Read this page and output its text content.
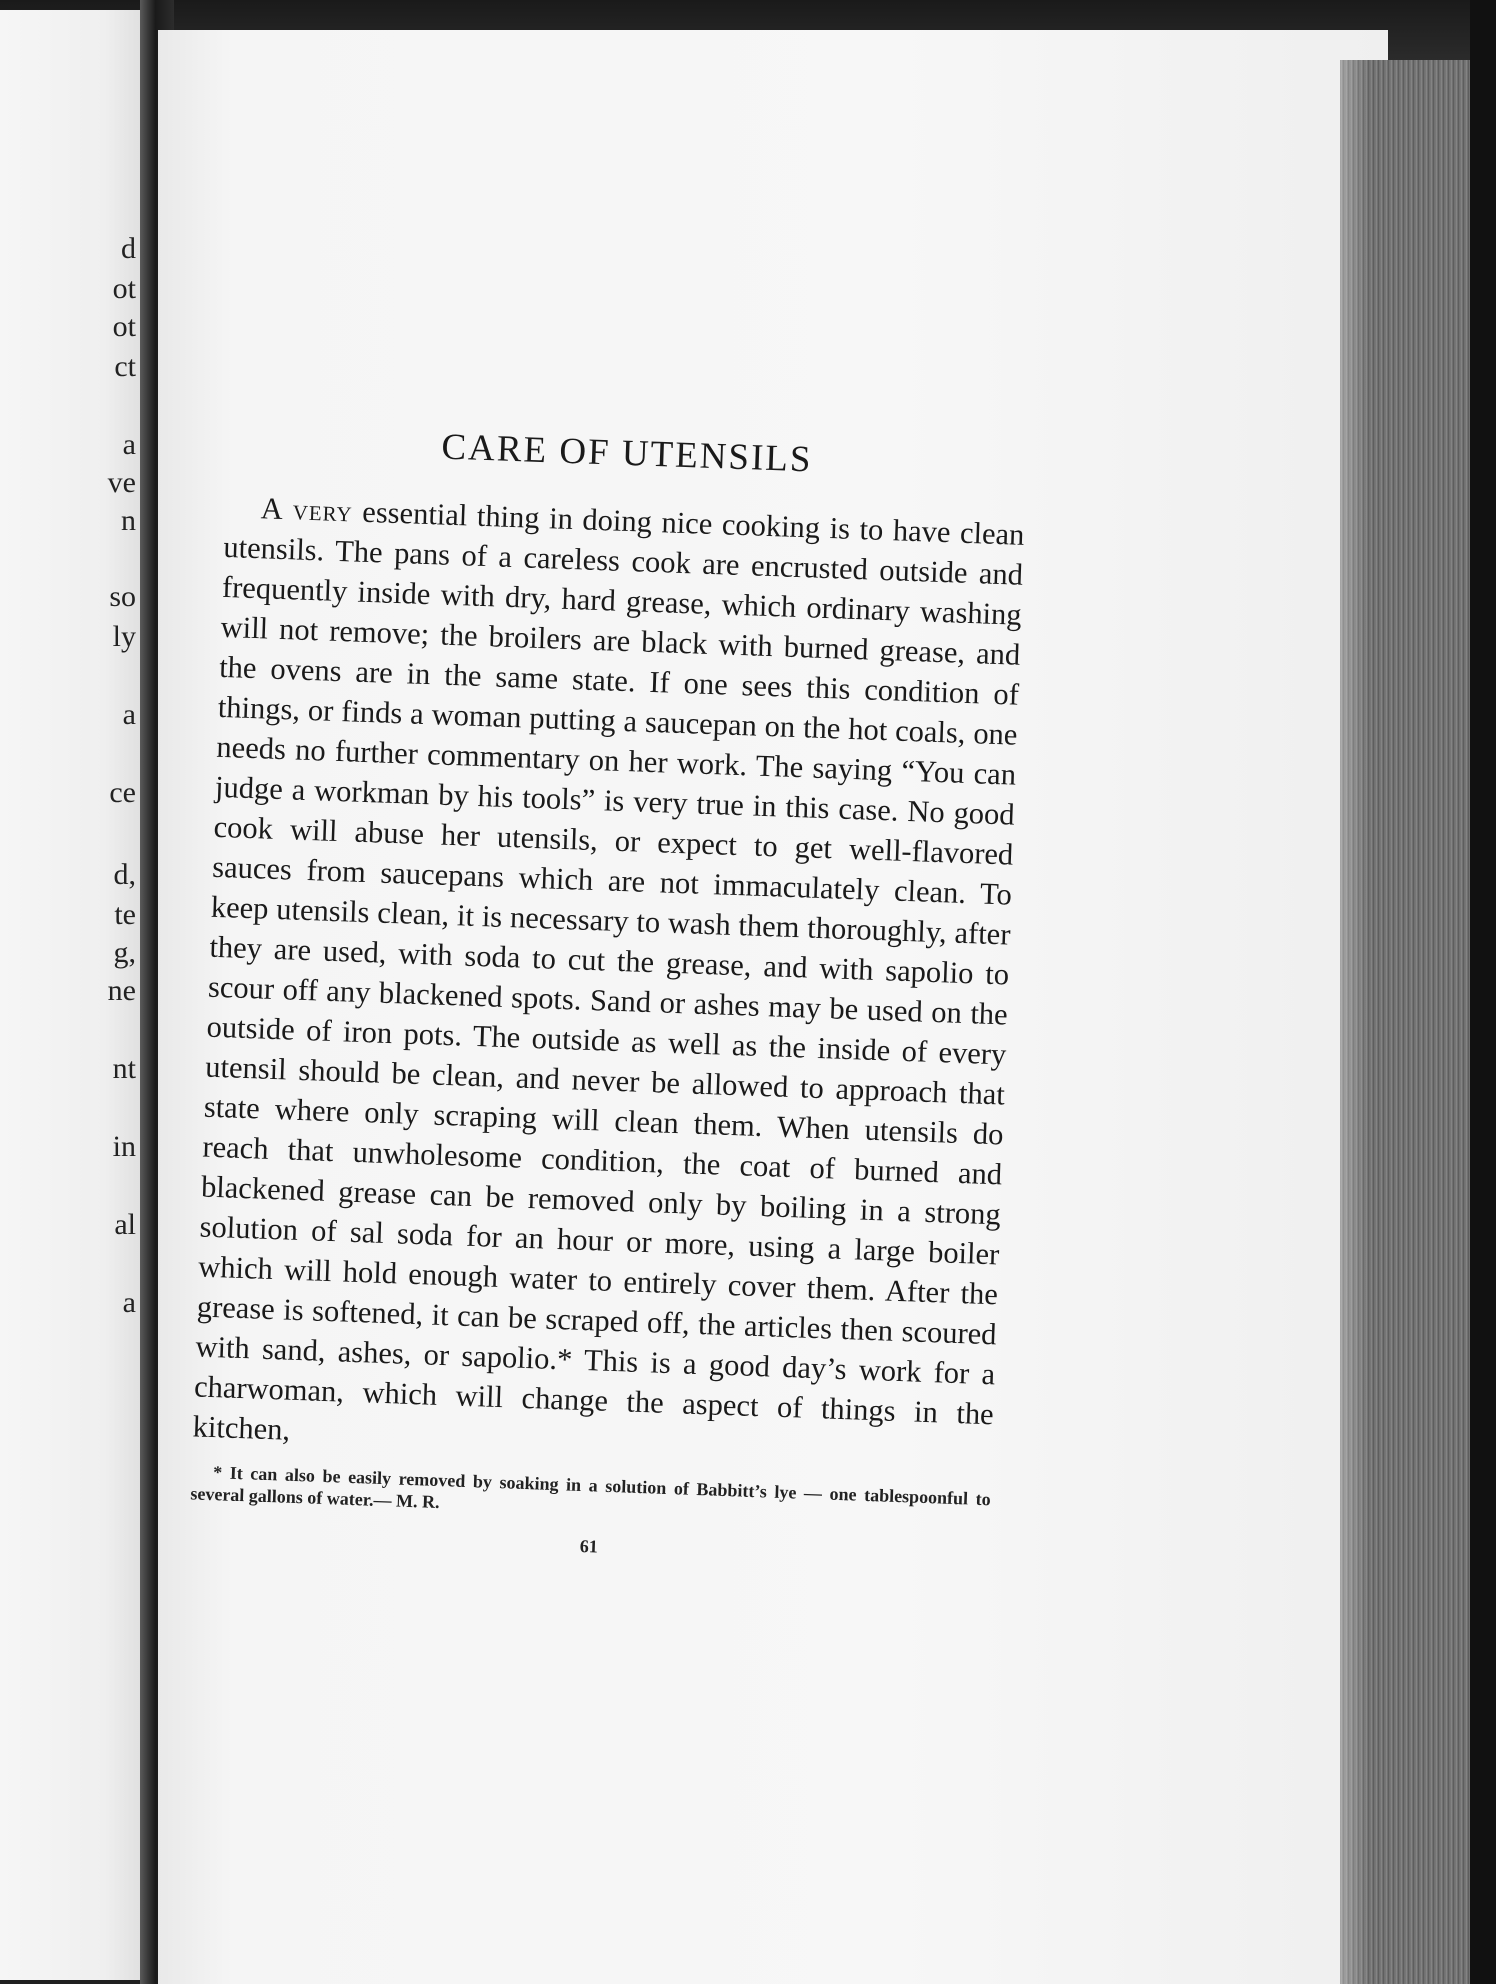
d
ot
ot
ct
a
ve
n
so
ly
a
ce
d,
te
g,
ne
nt
in
al
a
CARE OF UTENSILS

A very essential thing in doing nice cooking is to have clean utensils. The pans of a careless cook are encrusted outside and frequently inside with dry, hard grease, which ordinary washing will not remove; the broilers are black with burned grease, and the ovens are in the same state. If one sees this condition of things, or finds a woman putting a saucepan on the hot coals, one needs no further commentary on her work. The saying “You can judge a workman by his tools” is very true in this case. No good cook will abuse her utensils, or expect to get well-flavored sauces from saucepans which are not immaculately clean. To keep utensils clean, it is necessary to wash them thoroughly, after they are used, with soda to cut the grease, and with sapolio to scour off any blackened spots. Sand or ashes may be used on the outside of iron pots. The outside as well as the inside of every utensil should be clean, and never be allowed to approach that state where only scraping will clean them. When utensils do reach that unwholesome condition, the coat of burned and blackened grease can be removed only by boiling in a strong solution of sal soda for an hour or more, using a large boiler which will hold enough water to entirely cover them. After the grease is softened, it can be scraped off, the articles then scoured with sand, ashes, or sapolio.* This is a good day’s work for a charwoman, which will change the aspect of things in the kitchen,

* It can also be easily removed by soaking in a solution of Babbitt’s lye — one tablespoonful to several gallons of water.— M. R.

61
